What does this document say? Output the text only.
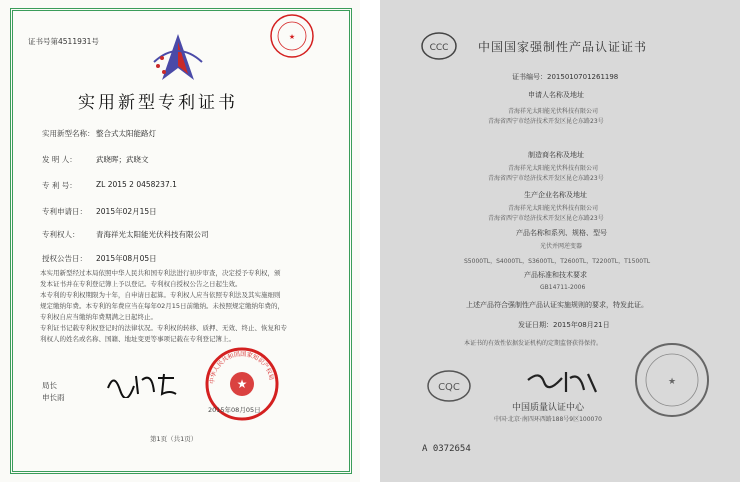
证书号第4511931号	★
实用新型专利证书
实用新型名称： 整合式太阳能路灯
发 明 人：	武晓晖；武晓文
专 利 号：	ZL 2015 2 0458237.1
专利申请日： 2015年02月15日
专利权人： 青海祥光太阳能光伏科技有限公司
授权公告日： 2015年08月05日
本实用新型经过本局依照中华人民共和国专利法进行初步审查，决定授予专利权，颁
发本证书并在专利登记簿上予以登记。专利权自授权公告之日起生效。
本专利的专利权期限为十年，自申请日起算。专利权人应当依照专利法及其实施细则
规定缴纳年费。本专利的年费应当在每年02月15日前缴纳。未按照规定缴纳年费的，
专利权自应当缴纳年费期满之日起终止。
专利证书记载专利权登记时的法律状况。专利权的转移、质押、无效、终止、恢复和专
利权人的姓名或名称、国籍、地址变更等事项记载在专利登记簿上。
局长
申长雨
★
中华人民共和国国家知识产权局
2015年08月05日
第1页（共1页）
CCC 中国国家强制性产品认证证书
证书编号：2015010701261198
申请人名称及地址
青海祥光太阳能光伏科技有限公司
青海省西宁市经济技术开发区昆仑东路23号
制造商名称及地址
青海祥光太阳能光伏科技有限公司
青海省西宁市经济技术开发区昆仑东路23号
生产企业名称及地址
青海祥光太阳能光伏科技有限公司
青海省西宁市经济技术开发区昆仑东路23号
产品名称和系列、规格、型号
光伏并网逆变器
S5000TL，S4000TL，S3600TL，T2600TL，T2200TL，T1500TL
产品标准和技术要求
GB14711-2006
上述产品符合强制性产品认证实施规则的要求，特发此证。
发证日期：2015年08月21日
本证书的有效性依据发证机构的定期监督获得保持。
CQC	★
中国质量认证中心
中国·北京·南四环西路188号9区100070
A 0372654
